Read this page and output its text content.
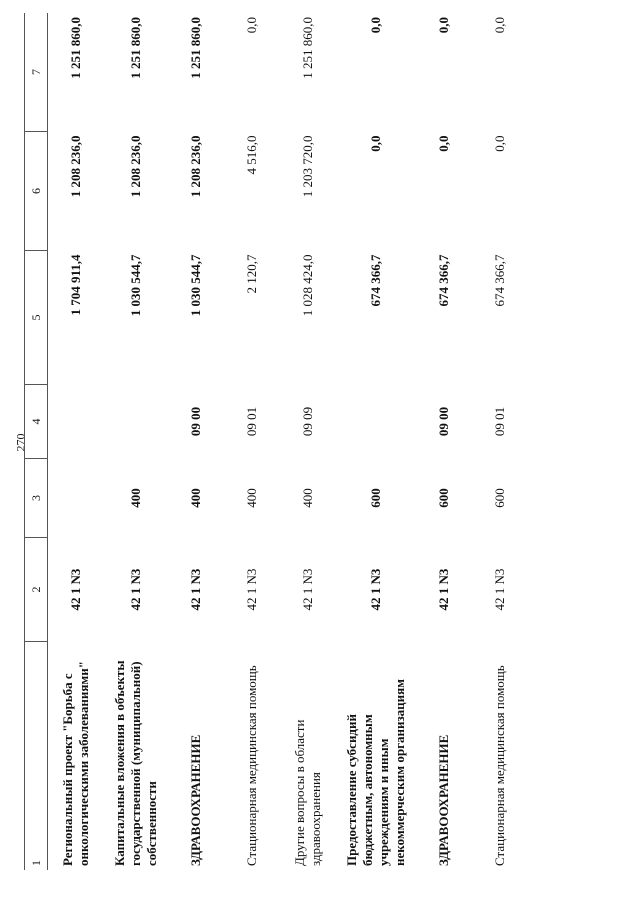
270
1	2	3	4	5	6	7
Региональный проект "Борьба с онкологическими заболеваниями"	42 1 N3			1 704 911,4	1 208 236,0	1 251 860,0
Капитальные вложения в объекты государственной (муниципальной) собственности	42 1 N3	400		1 030 544,7	1 208 236,0	1 251 860,0
ЗДРАВООХРАНЕНИЕ	42 1 N3	400	09 00	1 030 544,7	1 208 236,0	1 251 860,0
Стационарная медицинская помощь	42 1 N3	400	09 01	2 120,7	4 516,0	0,0
Другие вопросы в области здравоохранения	42 1 N3	400	09 09	1 028 424,0	1 203 720,0	1 251 860,0
Предоставление субсидий бюджетным, автономным учреждениям и иным некоммерческим организациям	42 1 N3	600		674 366,7	0,0	0,0
ЗДРАВООХРАНЕНИЕ	42 1 N3	600	09 00	674 366,7	0,0	0,0
Стационарная медицинская помощь	42 1 N3	600	09 01	674 366,7	0,0	0,0
